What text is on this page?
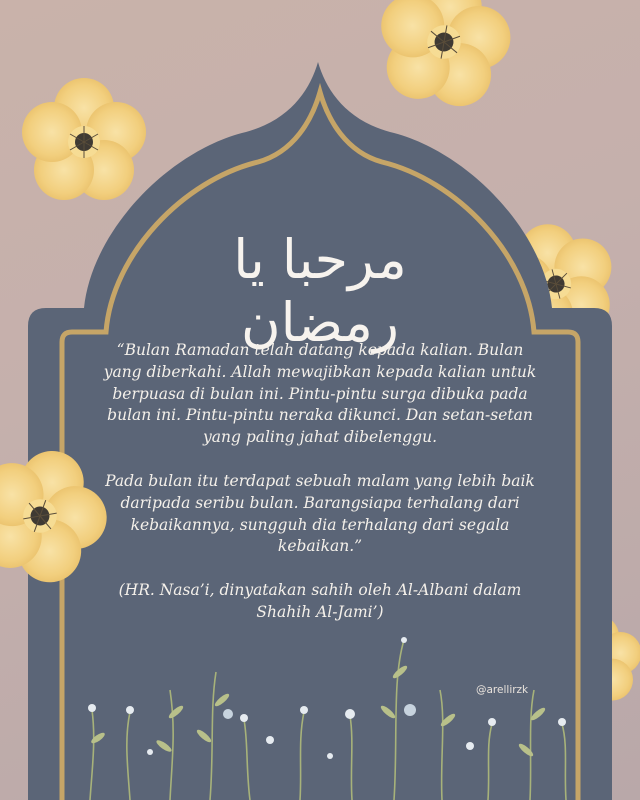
مرحبا يا رمضان

“Bulan Ramadan telah datang kepada kalian. Bulan yang diberkahi. Allah mewajibkan kepada kalian untuk berpuasa di bulan ini. Pintu-pintu surga dibuka pada bulan ini. Pintu-pintu neraka dikunci. Dan setan-setan yang paling jahat dibelenggu.

Pada bulan itu terdapat sebuah malam yang lebih baik daripada seribu bulan. Barangsiapa terhalang dari kebaikannya, sungguh dia terhalang dari segala kebaikan.”

(HR. Nasa’i, dinyatakan sahih oleh Al-Albani dalam Shahih Al-Jami’)

@arellirzk
